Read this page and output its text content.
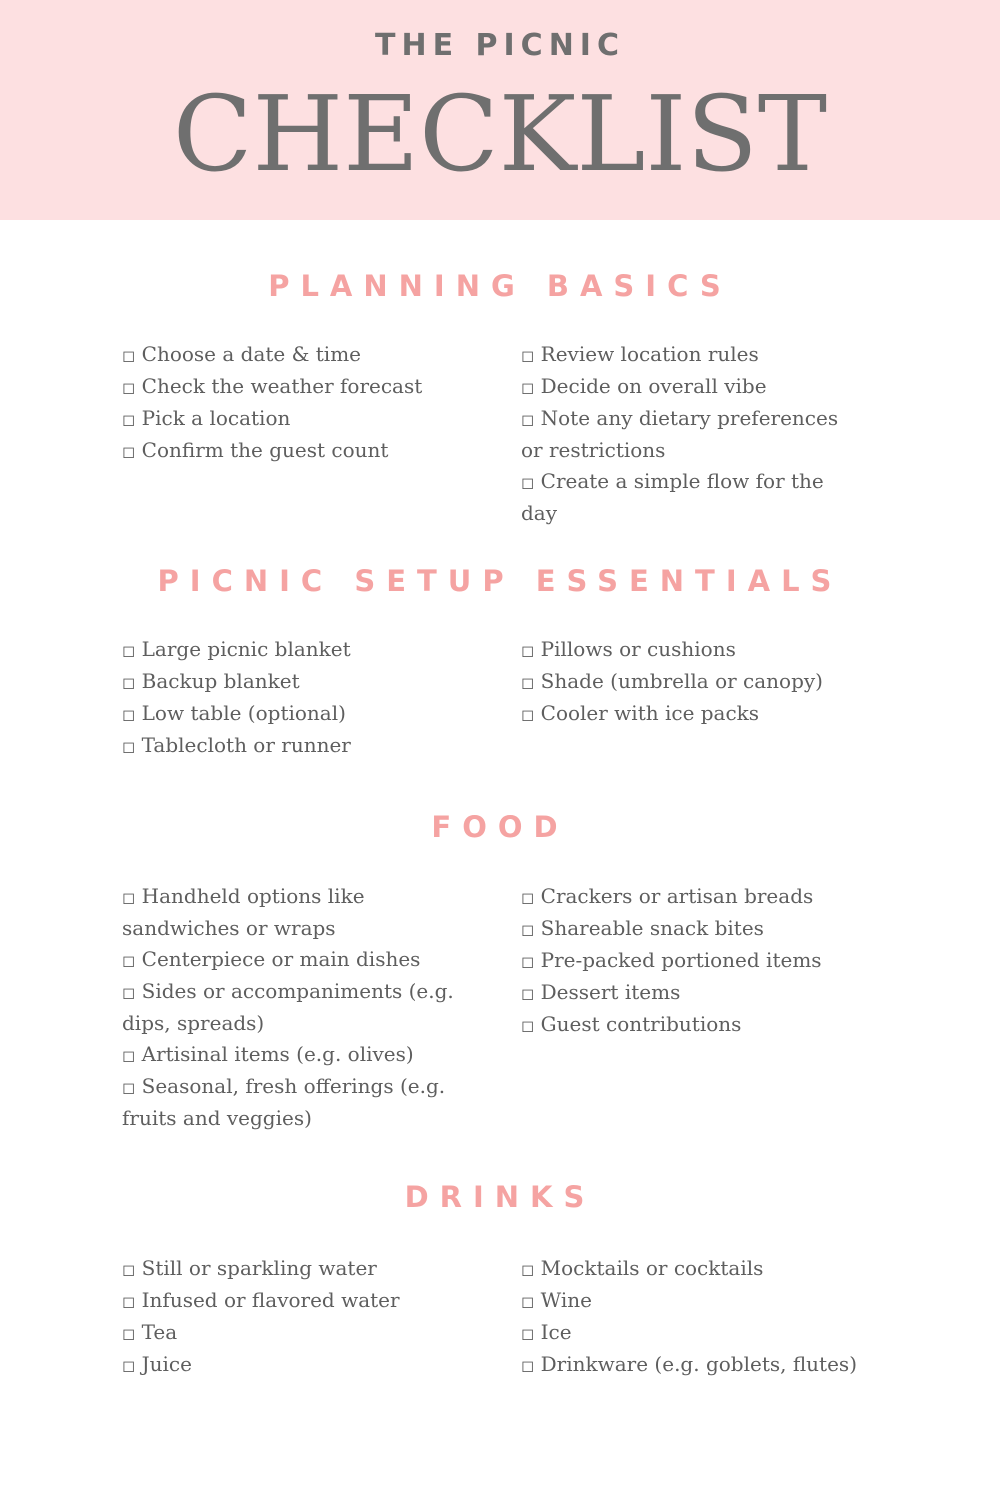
THE PICNIC
CHECKLIST
PLANNING BASICS
◻ Choose a date & time
◻ Check the weather forecast
◻ Pick a location
◻ Confirm the guest count
◻ Review location rules
◻ Decide on overall vibe
◻ Note any dietary preferences or restrictions
◻ Create a simple flow for the day
PICNIC SETUP ESSENTIALS
◻ Large picnic blanket
◻ Backup blanket
◻ Low table (optional)
◻ Tablecloth or runner
◻ Pillows or cushions
◻ Shade (umbrella or canopy)
◻ Cooler with ice packs
FOOD
◻ Handheld options like sandwiches or wraps
◻ Centerpiece or main dishes
◻ Sides or accompaniments (e.g. dips, spreads)
◻ Artisinal items (e.g. olives)
◻ Seasonal, fresh offerings (e.g. fruits and veggies)
◻ Crackers or artisan breads
◻ Shareable snack bites
◻ Pre-packed portioned items
◻ Dessert items
◻ Guest contributions
DRINKS
◻ Still or sparkling water
◻ Infused or flavored water
◻ Tea
◻ Juice
◻ Mocktails or cocktails
◻ Wine
◻ Ice
◻ Drinkware (e.g. goblets, flutes)
